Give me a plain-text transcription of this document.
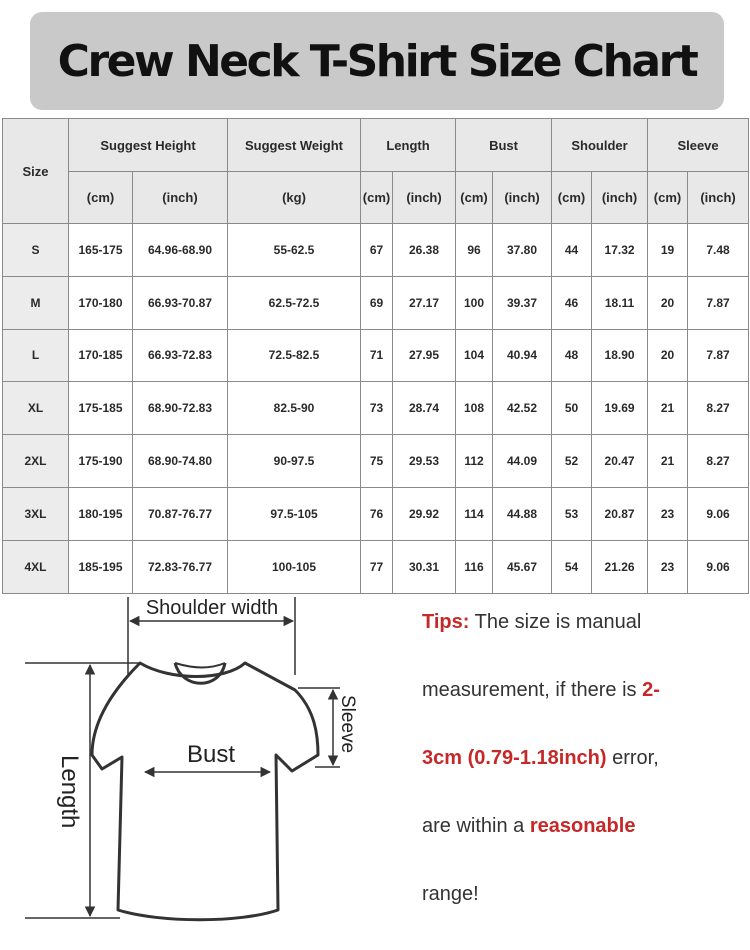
Crew Neck T-Shirt Size Chart
Size	Suggest Height		Suggest Weight	Length		Bust		Shoulder		Sleeve	
	(cm)	(inch)	(kg)	(cm)	(inch)	(cm)	(inch)	(cm)	(inch)	(cm)	(inch)
S	165-175	64.96-68.90	55-62.5	67	26.38	96	37.80	44	17.32	19	7.48
M	170-180	66.93-70.87	62.5-72.5	69	27.17	100	39.37	46	18.11	20	7.87
L	170-185	66.93-72.83	72.5-82.5	71	27.95	104	40.94	48	18.90	20	7.87
XL	175-185	68.90-72.83	82.5-90	73	28.74	108	42.52	50	19.69	21	8.27
2XL	175-190	68.90-74.80	90-97.5	75	29.53	112	44.09	52	20.47	21	8.27
3XL	180-195	70.87-76.77	97.5-105	76	29.92	114	44.88	53	20.87	23	9.06
4XL	185-195	72.83-76.77	100-105	77	30.31	116	45.67	54	21.26	23	9.06
Shoulder width
Sleeve
Bust
Length
Tips: The size is manual
measurement, if there is 2-
3cm (0.79-1.18inch) error,
are within a reasonable
range!
